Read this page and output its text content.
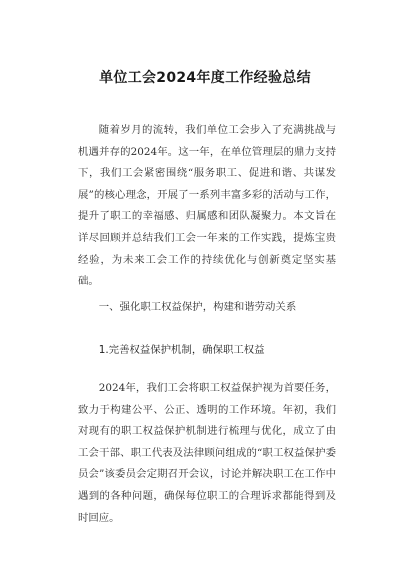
单位工会2024年度工作经验总结

随着岁月的流转，我们单位工会步入了充满挑战与机遇并存的2024年。这一年，在单位管理层的鼎力支持下，我们工会紧密围绕“服务职工、促进和谐、共谋发展”的核心理念，开展了一系列丰富多彩的活动与工作，提升了职工的幸福感、归属感和团队凝聚力。本文旨在详尽回顾并总结我们工会一年来的工作实践，提炼宝贵经验，为未来工会工作的持续优化与创新奠定坚实基础。

一、强化职工权益保护，构建和谐劳动关系
1.完善权益保护机制，确保职工权益

2024年，我们工会将职工权益保护视为首要任务，致力于构建公平、公正、透明的工作环境。年初，我们对现有的职工权益保护机制进行梳理与优化，成立了由工会干部、职工代表及法律顾问组成的“职工权益保护委员会”该委员会定期召开会议，讨论并解决职工在工作中遇到的各种问题，确保每位职工的合理诉求都能得到及时回应。
